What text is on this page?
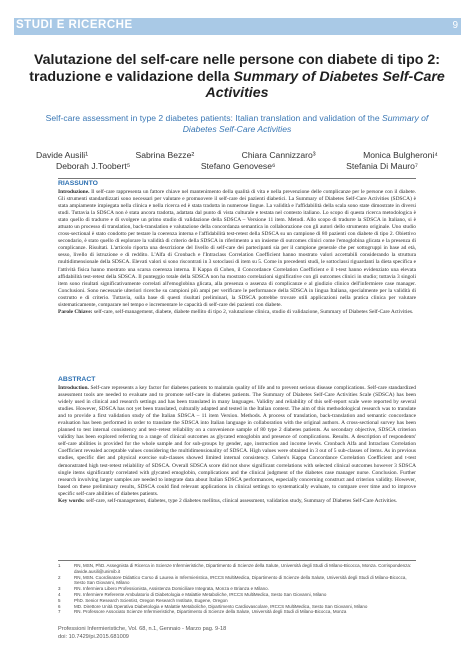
STUDI E RICERCHE	9
Valutazione del self-care nelle persone con diabete di tipo 2: traduzione e validazione della Summary of Diabetes Self-Care Activities
Self-care assessment in type 2 diabetes patients: Italian translation and validation of the Summary of Diabetes Self-Care Activities
Davide Ausili¹	Sabrina Bezze²	Chiara Cannizzaro³	Monica Bulgheroni⁴
Deborah J.Toobert⁵	Stefano Genovese⁶	Stefania Di Mauro⁷
RIASSUNTO
Introduzione. Il self-care rappresenta un fattore chiave nel mantenimento della qualità di vita e nella prevenzione delle complicanze per le persone con il diabete. Gli strumenti standardizzati sono necessari per valutare e promuovere il self-care dei pazienti diabetici. La Summary of Diabetes Self-Care Activities (SDSCA) è stata ampiamente impiegata nella clinica e nella ricerca ed è stata tradotta in numerose lingue. La validità e l'affidabilità della scala sono state dimostrate in diversi studi. Tuttavia la SDSCA non è stata ancora tradotta, adattata dal punto di vista culturale e testata nel contesto italiano. Lo scopo di questa ricerca metodologica è stato quello di tradurre e di svolgere un primo studio di validazione della SDSCA – Versione 11 item. Metodi. Allo scopo di tradurre la SDSCA in Italiano, si è attuato un processo di translation, back-translation e valutazione della concordanza semantica in collaborazione con gli autori dello strumento originale. Uno studio cross-sectional è stato condotto per testare la coerenza interna e l'affidabilità test-retest della SDSCA su un campione di 80 pazienti con diabete di tipo 2. Obiettivo secondario, è stato quello di esplorare la validità di criterio della SDSCA in riferimento a un insieme di outcomes clinici come l'emoglobina glicata e la presenza di complicanze. Risultati. L'articolo riporta una descrizione del livello di self-care dei partecipanti sia per il campione generale che per sottogruppi in base ad età, sesso, livello di istruzione e di reddito. L'Alfa di Cronbach e l'Intraclass Correlation Coefficient hanno mostrato valori accettabili considerando la struttura multidimensionale della SDSCA. Elevati valori si sono riscontrati in 3 sotoclassi di item su 5. Come in precedenti studi, le sottoclassi riguardanti la dieta specifica e l'attività fisica hanno mostrato una scarsa coerenza interna. Il Kappa di Cohen, il Concordance Correlation Coefficient e il t-test hanno evidenziato una elevata affidabilità test-retest della SDSCA. Il punteggio totale della SDSCA non ha mostrato correlazioni significative con gli outcomes clinici in studio; tuttavia 3 singoli item sono risultati significativamente correlati all'emoglobina glicata, alla presenza o assenza di complicanze e al giudizio clinico dell'infermiere case manager. Conclusioni. Sono necessarie ulteriori ricerche su campioni più ampi per verificare le performance della SDSCA in lingua Italiana, specialmente per la validità di costrutto e di criterio. Tuttavia, sulla base di questi risultati preliminari, la SDSCA potrebbe trovare utili applicazioni nella pratica clinica per valutare sistematicamente, comparare nel tempo e incrementare le capacità di self-care dei pazienti con diabete.
Parole Chiave: self-care, self-management, diabete, diabete mellito di tipo 2, valutazione clinica, studio di validazione, Summary of Diabetes Self-Care Activities.
ABSTRACT
Introduction. Self-care represents a key factor for diabetes patients to maintain quality of life and to prevent serious disease complications. Self-care standardized assessment tools are needed to evaluate and to promote self-care in diabetes patients. The Summary of Diabetes Self-Care Activities Scale (SDSCA) has been widely used in clinical and research settings and has been translated in many languages. Validity and reliability of this self-report scale were reported by several studies. However, SDSCA has not yet been translated, culturally adapted and tested in the Italian context. The aim of this methodological research was to translate and to provide a first validation study of the Italian SDSCA – 11 item Version. Methods. A process of translation, back-translation and semantic concordance evaluation has been performed in order to translate the SDSCA into Italian language in collaboration with the original authors. A cross-sectional survey has been planned to test internal consistency and test–retest reliability on a convenience sample of 80 type 2 diabetes patients. As secondary objective, SDSCA criterion validity has been explored referring to a range of clinical outcomes as glycated emoglobin and presence of complications. Results. A description of respondents' self-care abilities is provided for the whole sample and for sub-groups by gender, age, instruction and income levels. Cronbach Alfa and Intraclass Correlation Coefficient revealed acceptable values considering the multidimensionality of SDSCA. High values were obtained in 3 out of 5 sub-classes of items. As in previous studies, specific diet and physical exercise sub-classes showed limited internal consistency. Cohen's Kappa Concordance Correlation Coefficient and t-test demonstrated high test-retest reliability of SDSCA. Overall SDSCA score did not show significant correlations with selected clinical outcomes however 3 SDSCA single items significantly correlated with glycated emoglobin, complications and the clinical judgment of the diabetes case manager nurse. Conclusion. Further research involving larger samples are needed to integrate data about Italian SDSCA performances, especially concerning construct and criterion validity. However, based on these preliminary results, SDSCA could find relevant applications in clinical settings to systematically evaluate, to compare over time and to improve specific self-care abilities of diabetes patients.
Key words: self-care, self-management, diabetes, type 2 diabetes mellitus, clinical assessment, validation study, Summary of Diabetes Self-Care Activities.
1	RN, MSN, PhD. Assegnista di Ricerca in Scienze Infermieristiche, Dipartimento di Scienze della Salute, Università degli Studi di Milano-Bicocca, Monza. Corrispondenza: davide.ausili@unimib.it
2	RN, MSN. Coordinatore Didattico Corso di Laurea in Infermieristica, IRCCS MultiMedica, Dipartimento di Scienze della Salute, Università degli Studi di Milano-Bicocca, Sesto San Giovanni, Milano
3	RN. Infermiera Libero Professionista, Assistenza Domiciliare Integrata, Monza e Brianza e Milano.
4	RN. Infermiere Referente Ambulatorio di Diabetologia e Malattie Metaboliche, IRCCS MultiMedica, Sesto San Giovanni, Milano
5	PhD. Senior Research Scientist, Oregon Research Institute, Eugene, Oregon
6	MD. Direttore Unità Operativa Diabetologia e Malattie Metaboliche, Dipartimento Cardiovascolare, IRCCS MultiMedica, Sesto San Giovanni, Milano
7	RN. Professore Associato Scienze Infermieristiche, Dipartimento di Scienze della Salute, Università degli Studi di Milano-Bicocca, Monza
Professioni Infermieristiche, Vol. 68, n.1, Gennaio - Marzo pag. 9-18
doi: 10.7429/pi.2015.681009
